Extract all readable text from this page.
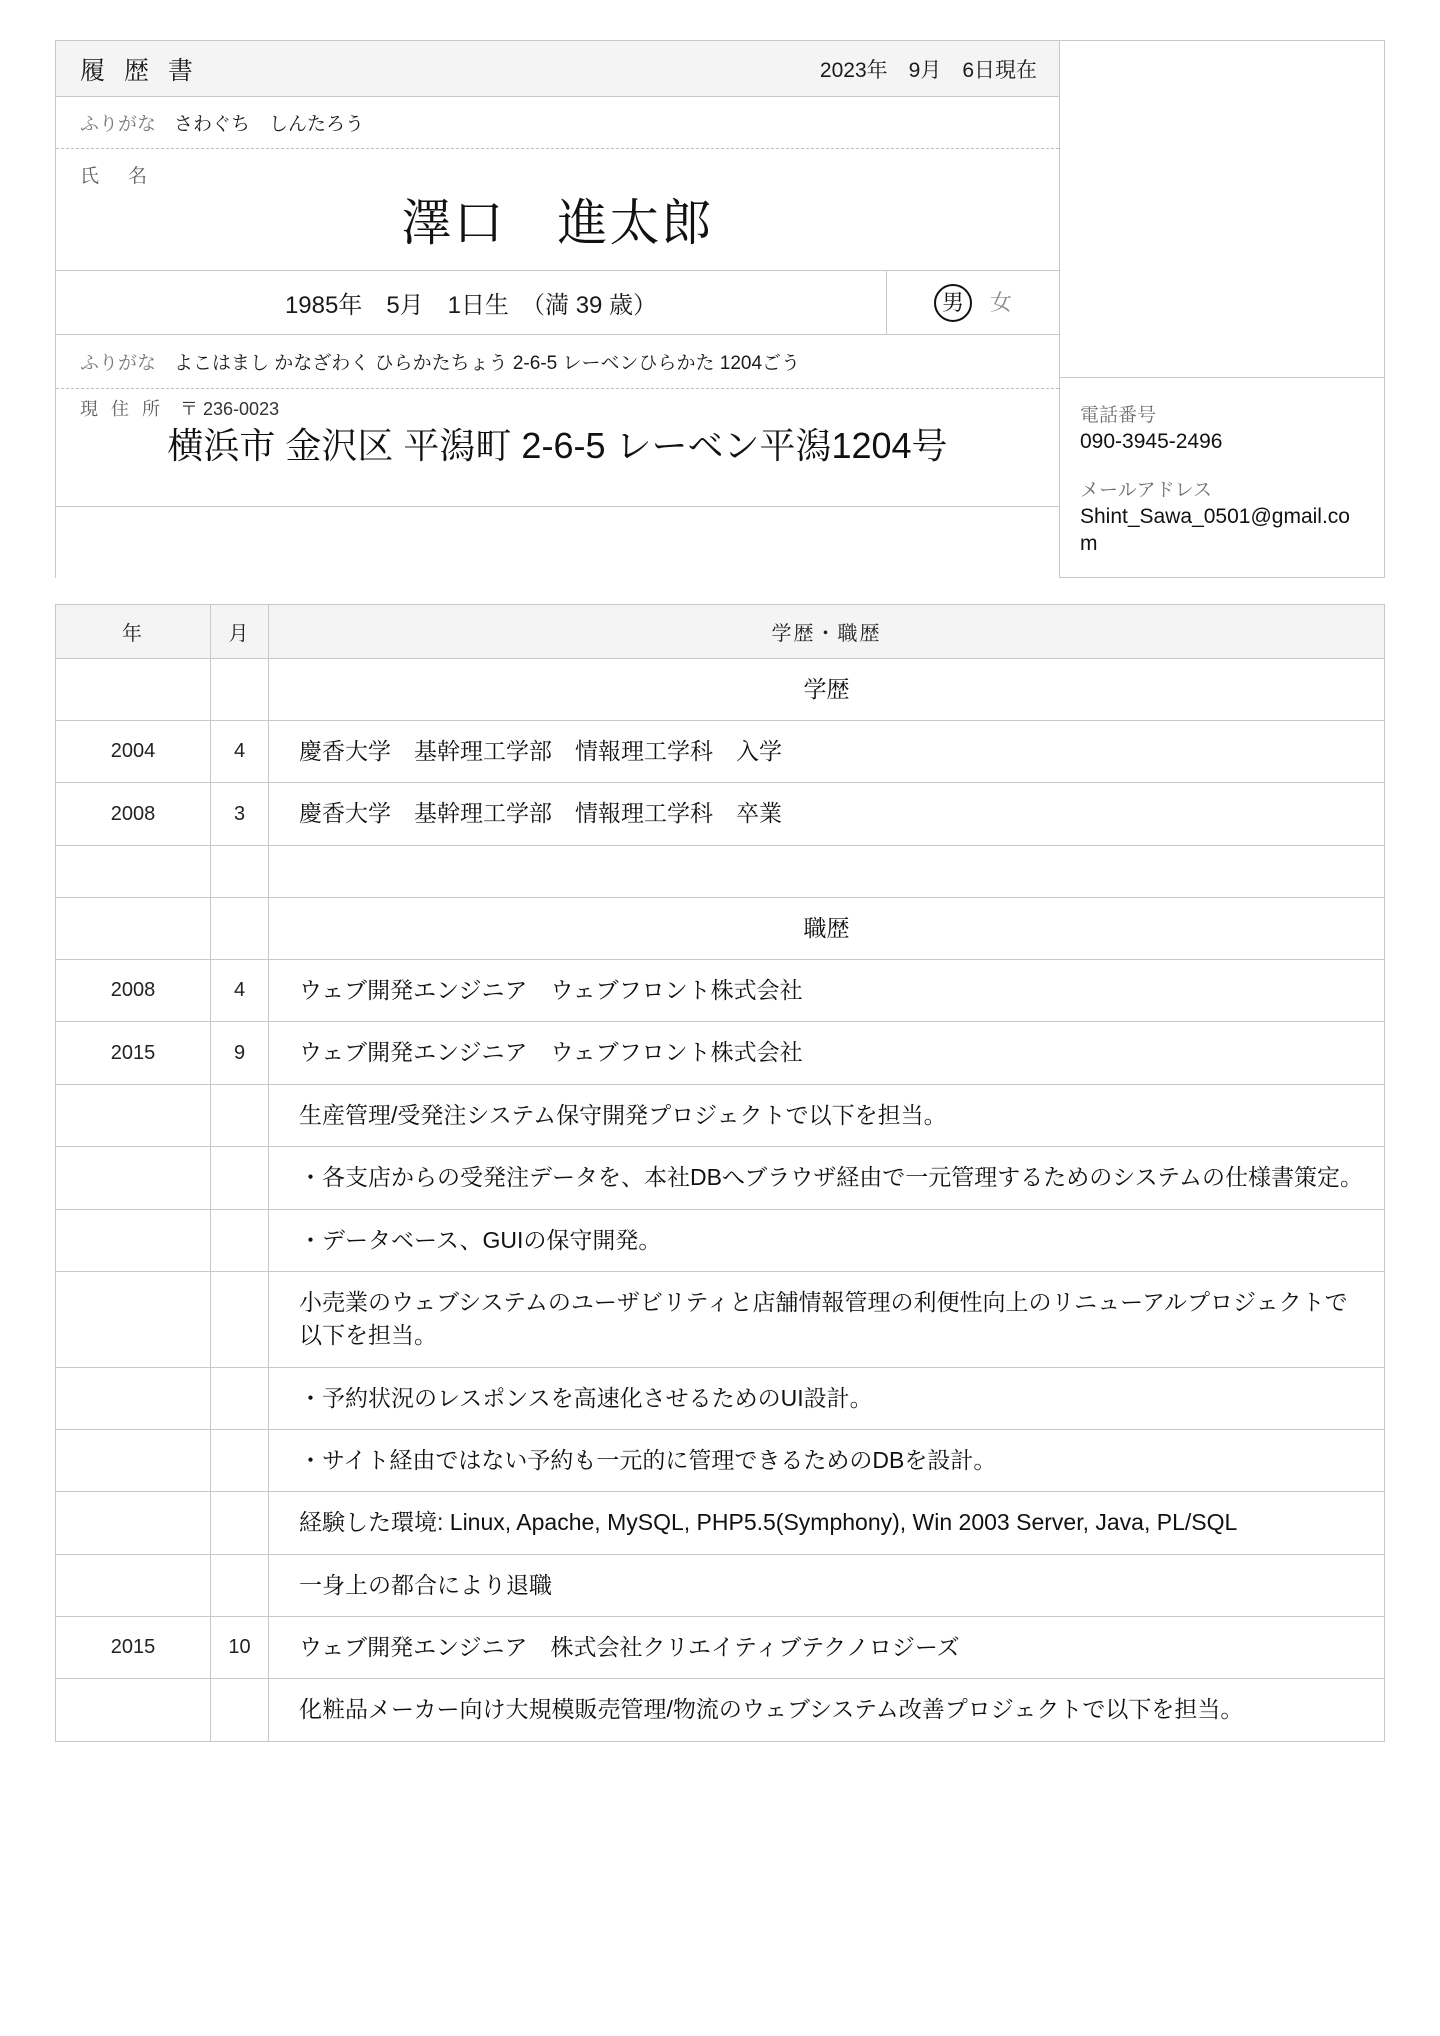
履 歴 書	2023年　9月　6日現在
ふりがな さわぐち　しんたろう
氏　名
澤口　進太郎
1985年　5月　1日生　（満 39 歳）	男	女
ふりがな よこはまし かなざわく ひらかたちょう 2-6-5 レーベンひらかた 1204ごう
現 住 所 〒 236-0023
横浜市 金沢区 平潟町 2-6-5 レーベン平潟1204号
電話番号
090-3945-2496
メールアドレス
Shint_Sawa_0501@gmail.com
年	月	学歴・職歴
		学歴
2004	4	慶香大学　基幹理工学部　情報理工学科　入学
2008	3	慶香大学　基幹理工学部　情報理工学科　卒業

		職歴
2008	4	ウェブ開発エンジニア　ウェブフロント株式会社
2015	9	ウェブ開発エンジニア　ウェブフロント株式会社
		生産管理/受発注システム保守開発プロジェクトで以下を担当。
		・各支店からの受発注データを、本社DBへブラウザ経由で一元管理するためのシステムの仕様書策定。
		・データベース、GUIの保守開発。
		小売業のウェブシステムのユーザビリティと店舗情報管理の利便性向上のリニューアルプロジェクトで以下を担当。
		・予約状況のレスポンスを高速化させるためのUI設計。
		・サイト経由ではない予約も一元的に管理できるためのDBを設計。
		経験した環境: Linux, Apache, MySQL, PHP5.5(Symphony), Win 2003 Server, Java, PL/SQL
		一身上の都合により退職
2015	10	ウェブ開発エンジニア　株式会社クリエイティブテクノロジーズ
		化粧品メーカー向け大規模販売管理/物流のウェブシステム改善プロジェクトで以下を担当。
